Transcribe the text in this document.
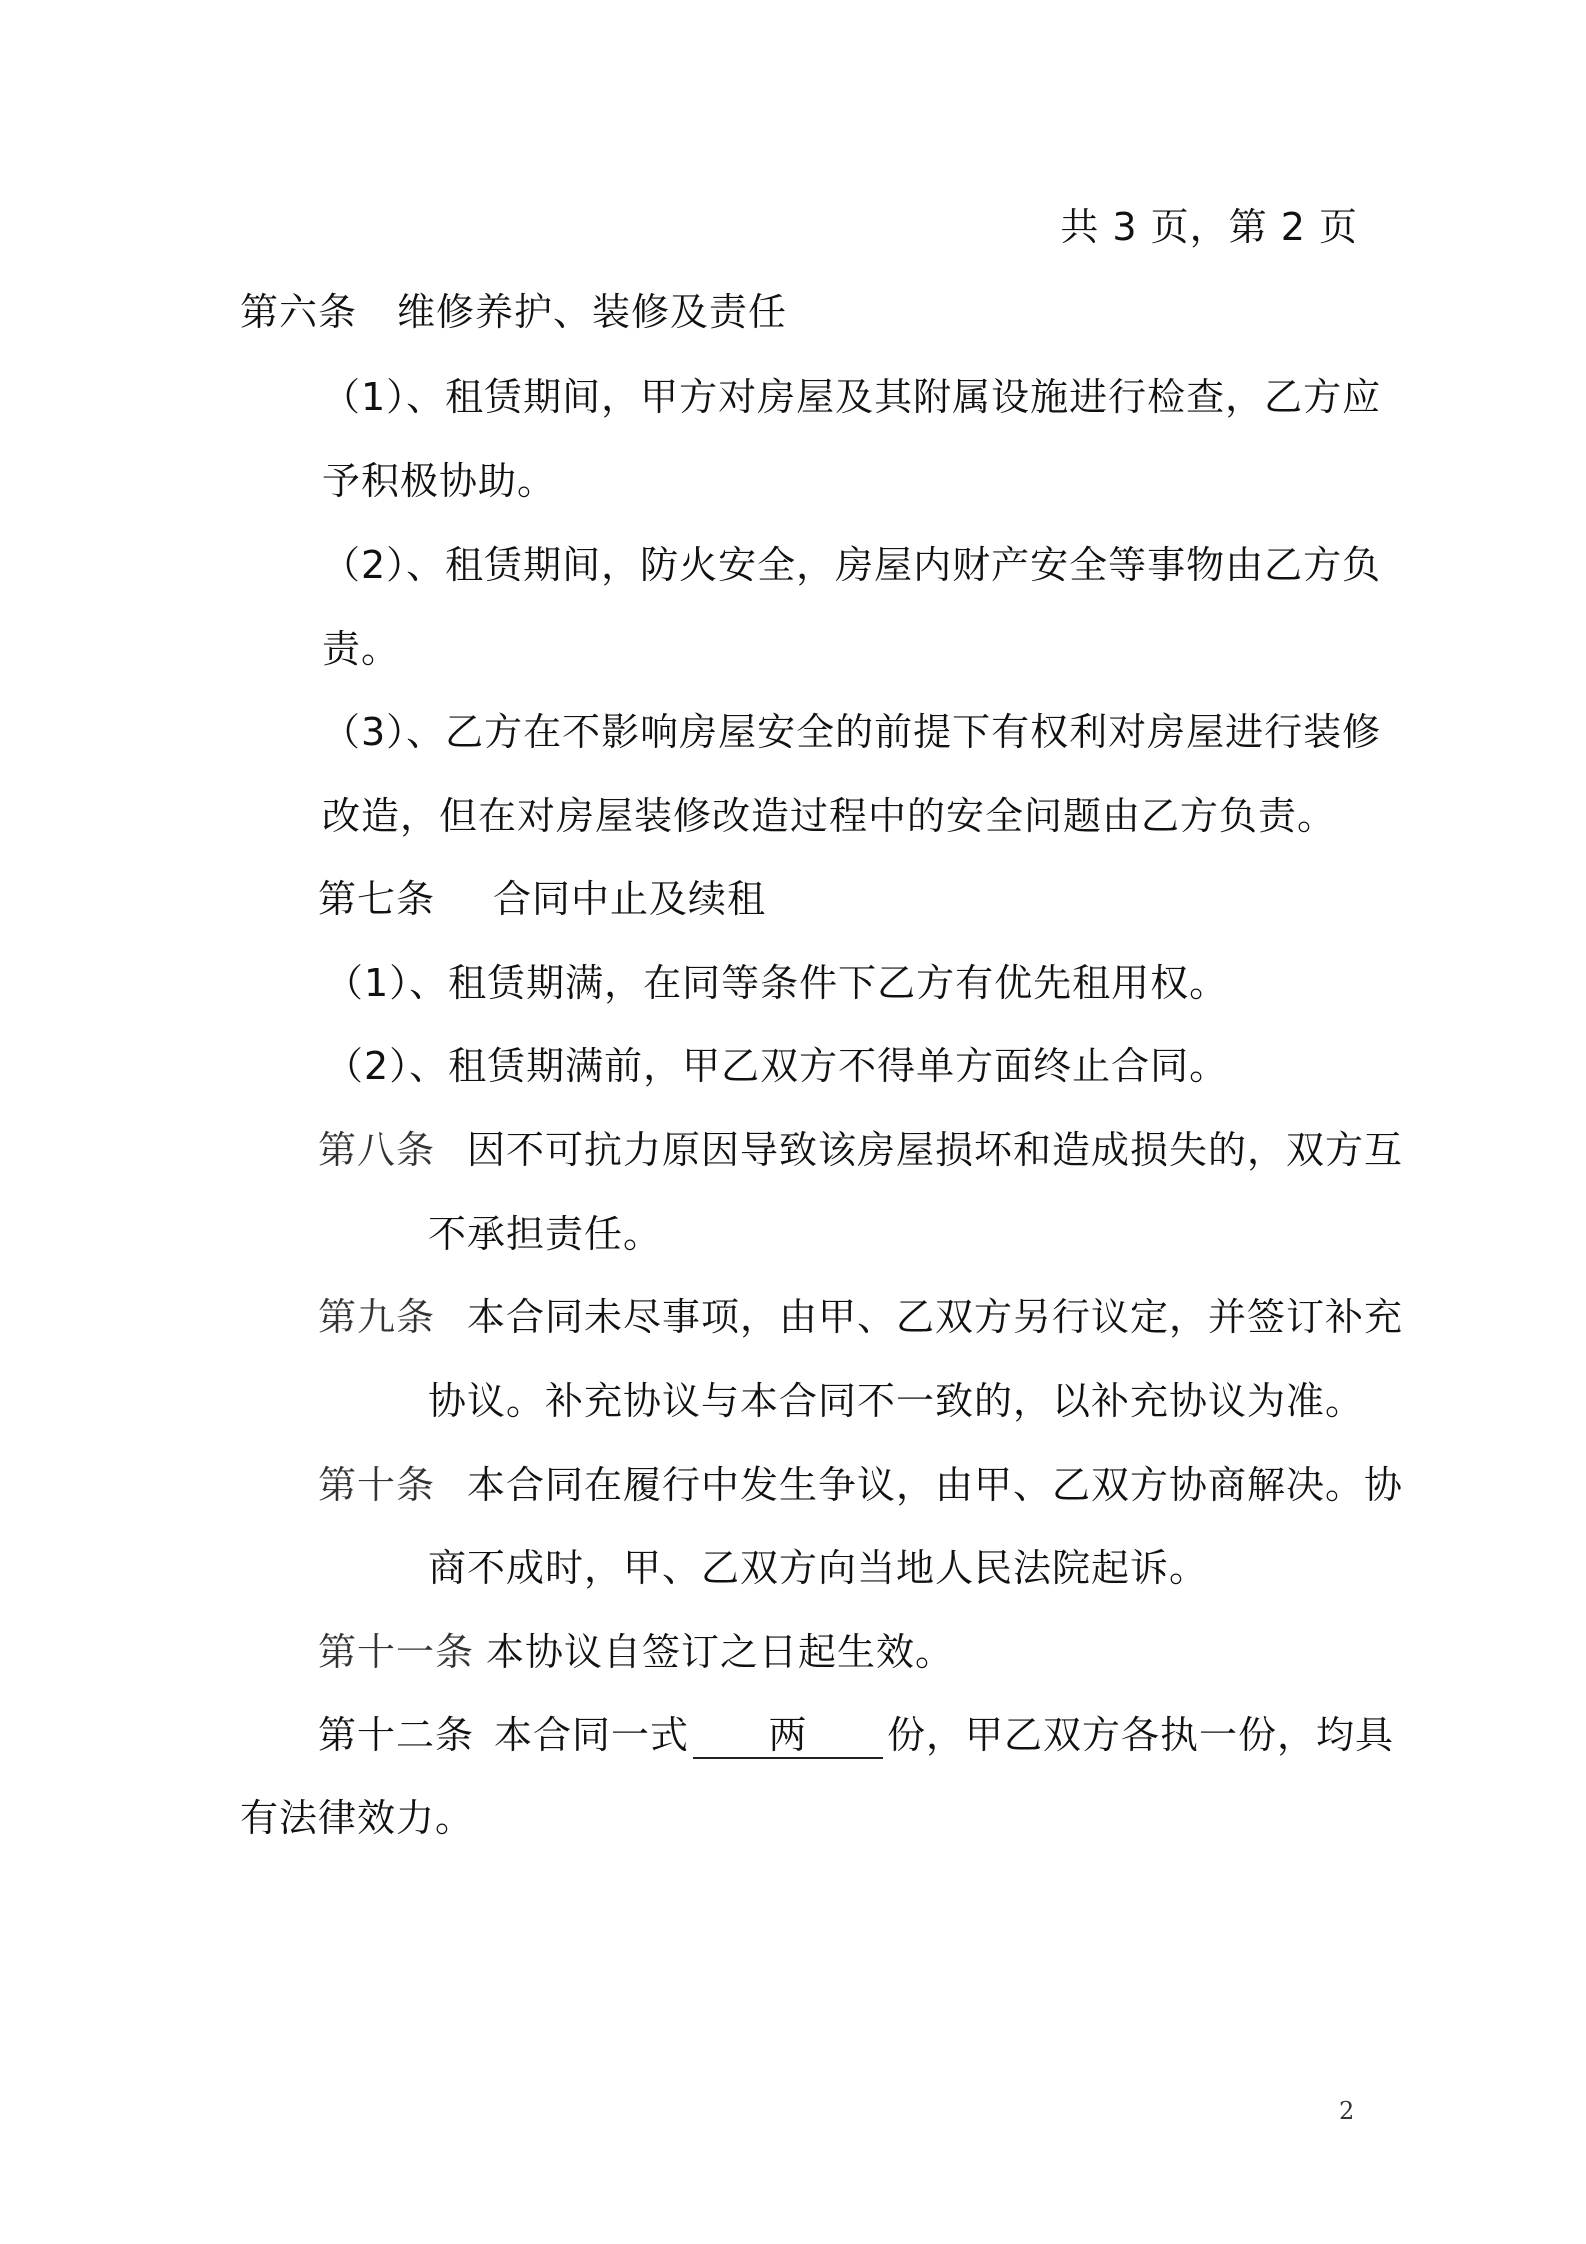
共 3 页，第 2 页
第六条 维修养护、装修及责任
（1）、租赁期间，甲方对房屋及其附属设施进行检查，乙方应
予积极协助。
（2）、租赁期间，防火安全，房屋内财产安全等事物由乙方负
责。
（3）、乙方在不影响房屋安全的前提下有权利对房屋进行装修
改造，但在对房屋装修改造过程中的安全问题由乙方负责。
第七条 合同中止及续租
（1）、租赁期满，在同等条件下乙方有优先租用权。
（2）、租赁期满前，甲乙双方不得单方面终止合同。
第八条 因不可抗力原因导致该房屋损坏和造成损失的，双方互
不承担责任。
第九条 本合同未尽事项，由甲、乙双方另行议定，并签订补充
协议。补充协议与本合同不一致的，以补充协议为准。
第十条 本合同在履行中发生争议，由甲、乙双方协商解决。协
商不成时，甲、乙双方向当地人民法院起诉。
第十一条 本协议自签订之日起生效。
第十二条 本合同一式 两 份，甲乙双方各执一份，均具
有法律效力。
2
